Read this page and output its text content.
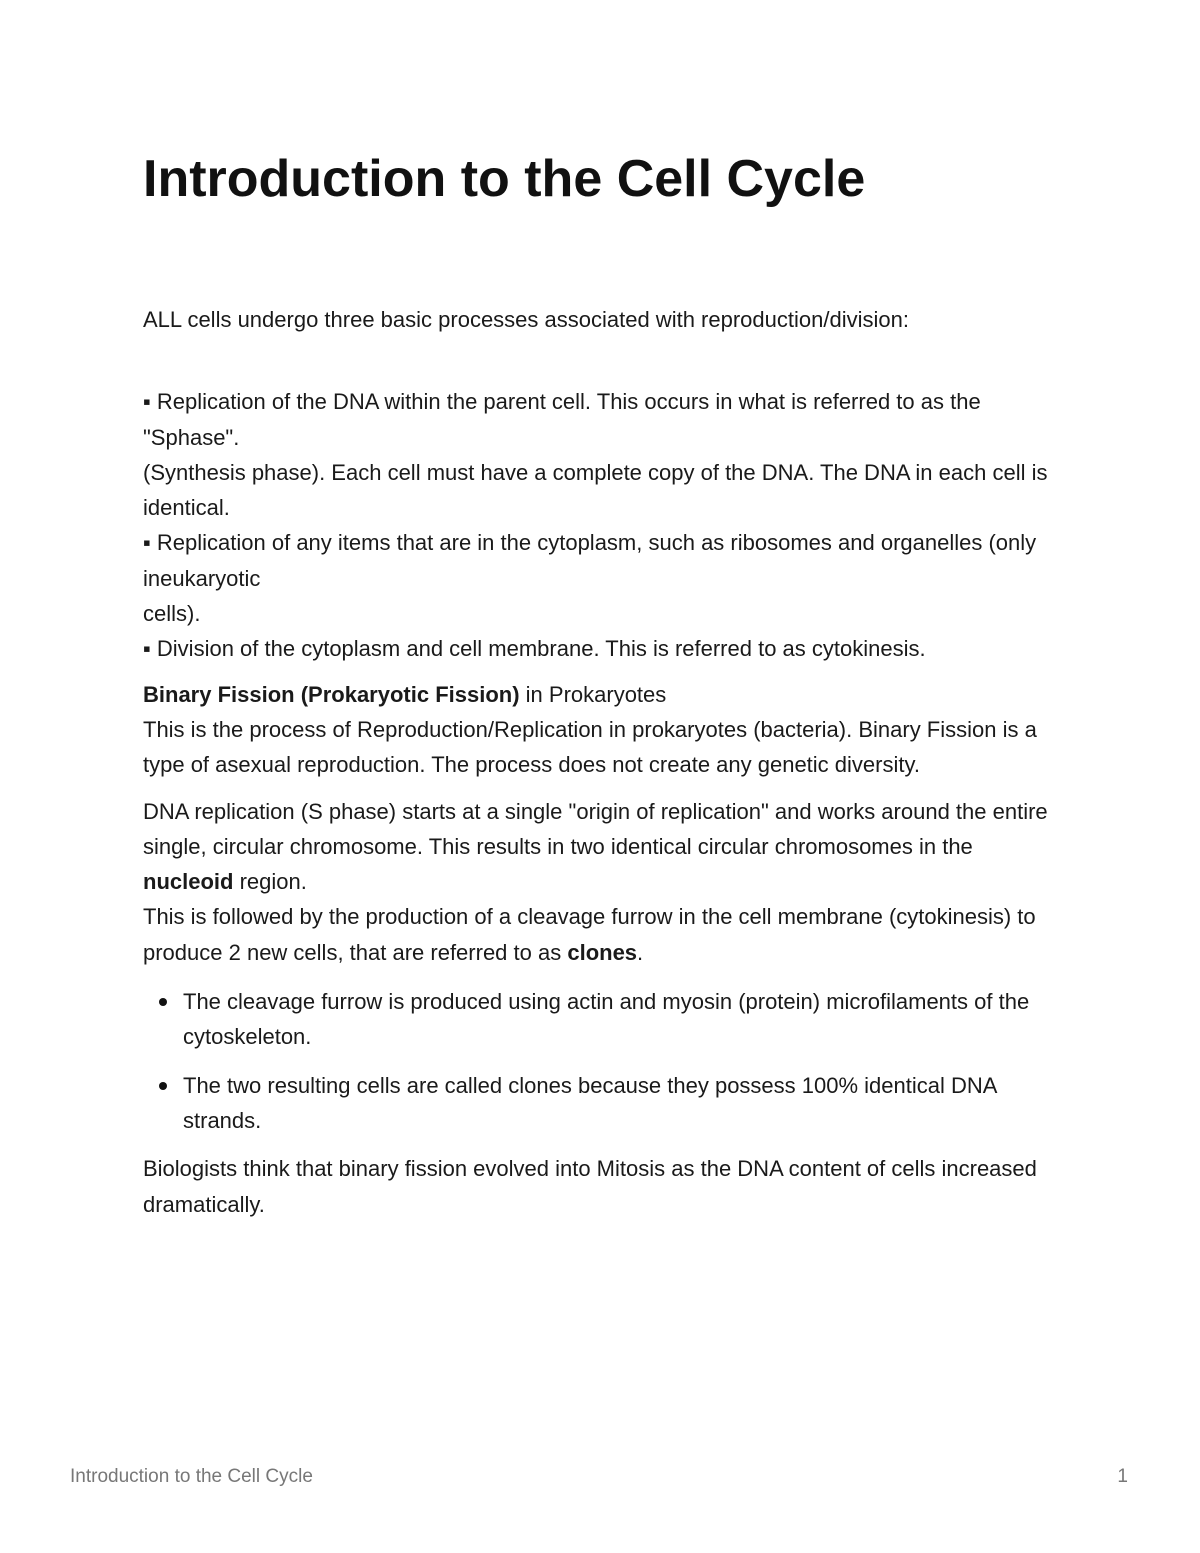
Introduction to the Cell Cycle

ALL cells undergo three basic processes associated with reproduction/division:

▪ Replication of the DNA within the parent cell. This occurs in what is referred to as the "Sphase".

(Synthesis phase). Each cell must have a complete copy of the DNA. The DNA in each cell is

identical.

▪ Replication of any items that are in the cytoplasm, such as ribosomes and organelles (only ineukaryotic

cells).

▪ Division of the cytoplasm and cell membrane. This is referred to as cytokinesis.

Binary Fission (Prokaryotic Fission) in Prokaryotes

This is the process of Reproduction/Replication in prokaryotes (bacteria). Binary Fission is a type of asexual reproduction. The process does not create any genetic diversity.

DNA replication (S phase) starts at a single "origin of replication" and works around the entire single, circular chromosome. This results in two identical circular chromosomes in the nucleoid region.

This is followed by the production of a cleavage furrow in the cell membrane (cytokinesis) to produce 2 new cells, that are referred to as clones.

The cleavage furrow is produced using actin and myosin (protein) microfilaments of the cytoskeleton.
The two resulting cells are called clones because they possess 100% identical DNA strands.

Biologists think that binary fission evolved into Mitosis as the DNA content of cells increased dramatically.

Introduction to the Cell Cycle	1
